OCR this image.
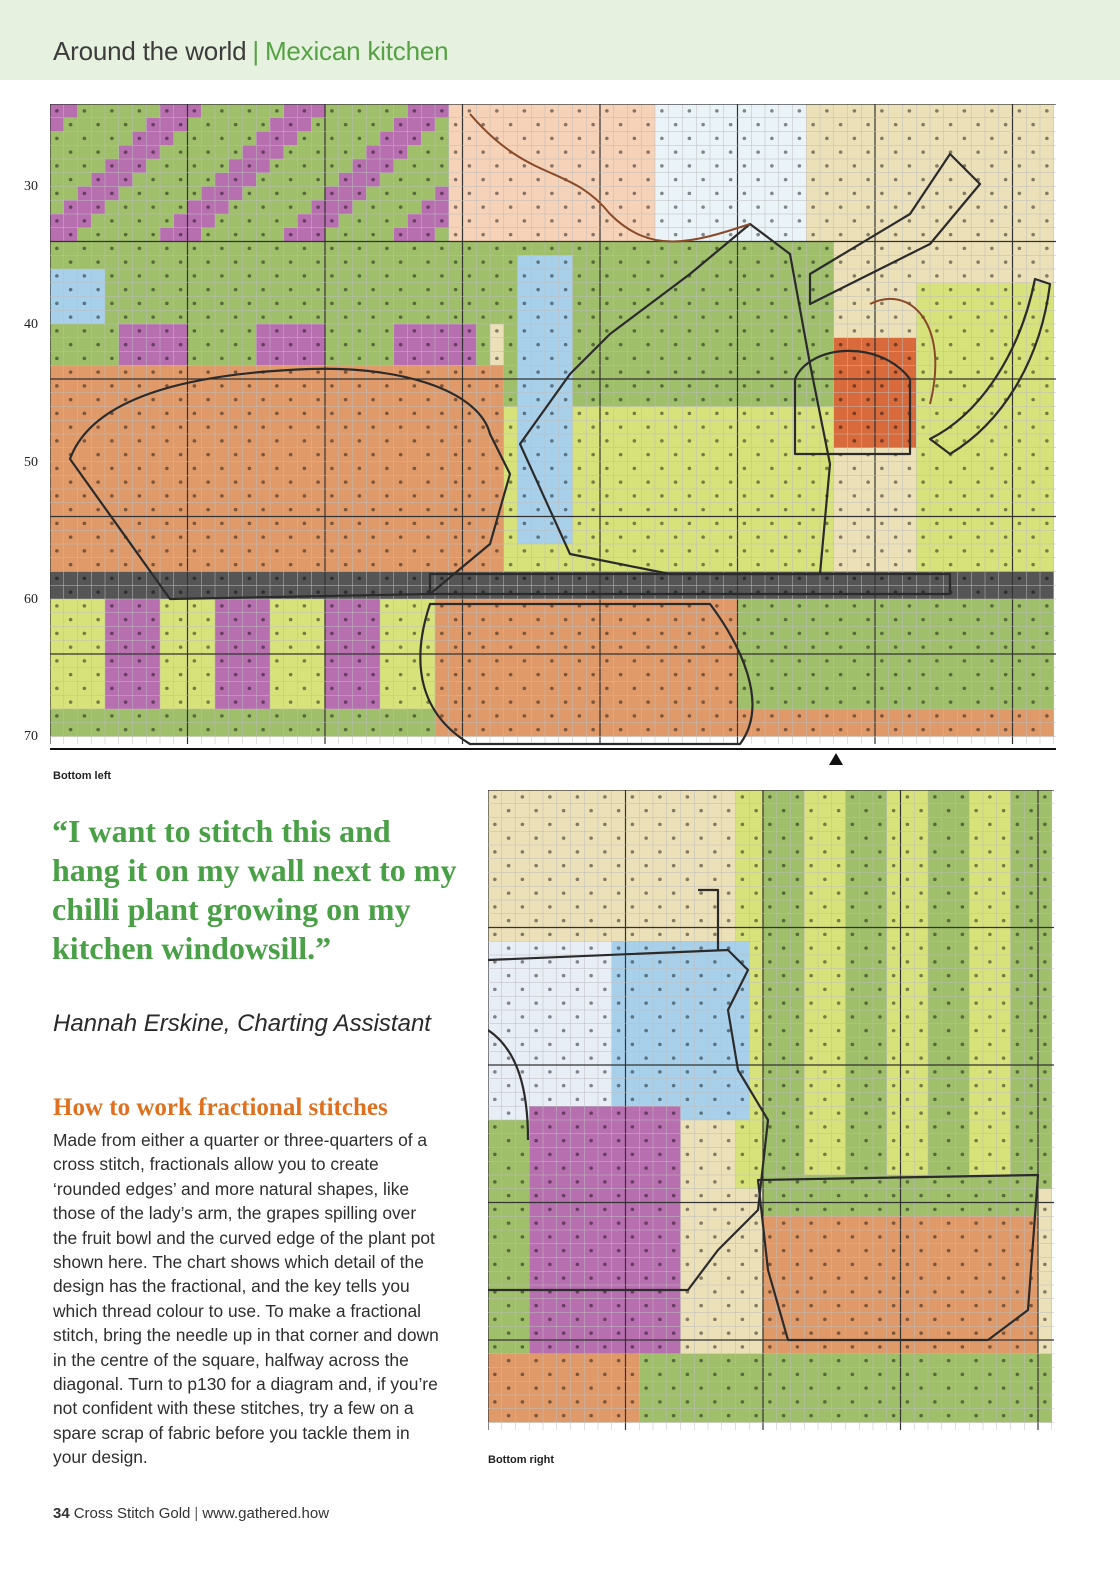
Around the world | Mexican kitchen
30
40
50
60
70
Bottom left
Bottom right
“I want to stitch this and hang it on my wall next to my chilli plant growing on my kitchen windowsill.”
Hannah Erskine, Charting Assistant
How to work fractional stitches
Made from either a quarter or three-quarters of a cross stitch, fractionals allow you to create ‘rounded edges’ and more natural shapes, like those of the lady’s arm, the grapes spilling over the fruit bowl and the curved edge of the plant pot shown here. The chart shows which detail of the design has the fractional, and the key tells you which thread colour to use. To make a fractional stitch, bring the needle up in that corner and down in the centre of the square, halfway across the diagonal. Turn to p130 for a diagram and, if you’re not confident with these stitches, try a few on a spare scrap of fabric before you tackle them in your design.
34 Cross Stitch Gold | www.gathered.how
